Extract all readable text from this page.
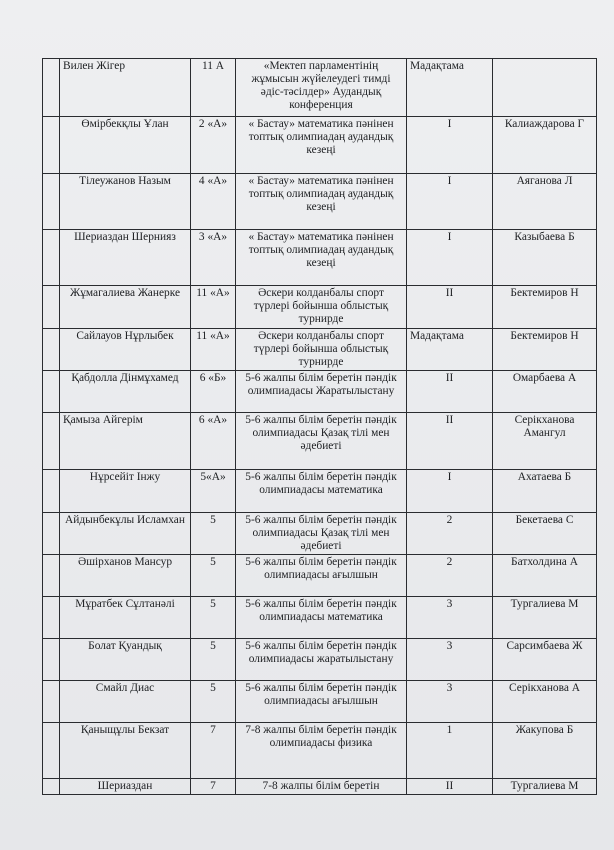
	Вилен Жігер	11 А	«Мектеп парламентінің жұмысын жүйелеудегі тимді әдіс-тәсілдер» Аудандық конференция	Мадақтама	
	Өмірбекқлы Ұлан	2 «А»	« Бастау» математика пәнінен топтық олимпиадаң аудандық кезеңі	I	Калиаждарова Г
	Тілеужанов Назым	4 «А»	« Бастау» математика пәнінен топтық олимпиадаң аудандық кезеңі	I	Аяганова Л
	Шериаздан Шернияз	3 «А»	« Бастау» математика пәнінен топтық олимпиадаң аудандық кезеңі	I	Казыбаева Б
	Жұмагалиева Жанерке	11 «А»	Әскери колданбалы спорт түрлері бойынша облыстық турнирде	II	Бектемиров Н
	Сайлауов Нұрлыбек	11 «А»	Әскери колданбалы спорт түрлері бойынша облыстық турнирде	Мадақтама	Бектемиров Н
	Қабдолла Дінмұхамед	6 «Б»	5-6 жалпы білім беретін пәндік олимпиадасы Жаратылыстану	II	Омарбаева А
	Қамыза Айгерім	6 «А»	5-6 жалпы білім беретін пәндік олимпиадасы Қазақ тілі мен әдебиеті	II	Серікханова Амангул
	Нұрсейіт Інжу	5«А»	5-6 жалпы білім беретін пәндік олимпиадасы математика	I	Ахатаева Б
	Айдынбекұлы Исламхан	5	5-6 жалпы білім беретін пәндік олимпиадасы Қазақ тілі мен әдебиеті	2	Бекетаева С
	Әшірханов Мансур	5	5-6 жалпы білім беретін пәндік олимпиадасы ағылшын	2	Батхолдина А
	Мұратбек Сұлтанәлі	5	5-6 жалпы білім беретін пәндік олимпиадасы математика	3	Тургалиева М
	Болат Қуандық	5	5-6 жалпы білім беретін пәндік олимпиадасы жаратылыстану	3	Сарсимбаева Ж
	Смайл Диас	5	5-6 жалпы білім беретін пәндік олимпиадасы ағылшын	3	Серікханова А
	Қаныщұлы Бекзат	7	7-8 жалпы білім беретін пәндік олимпиадасы физика	1	Жакупова Б
	Шериаздан	7	7-8 жалпы білім беретін	II	Тургалиева М
